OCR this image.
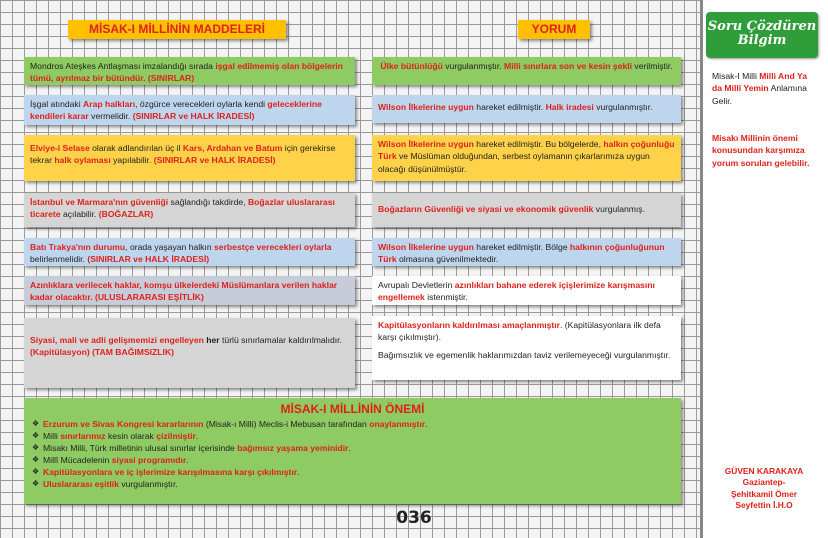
MİSAK-I MİLLİNİN MADDELERİ	YORUM
Mondros Ateşkes Antlaşması imzalandığı sırada işgal edilmemiş olan bölgelerin tümü, ayrılmaz bir bütündür. (SINIRLAR)
İşgal atındaki Arap halkları, özgürce verecekleri oylarla kendi geleceklerine kendileri karar vermelidir. (SINIRLAR ve HALK İRADESİ)
Elviye-i Selase olarak adlandırılan üç il Kars, Ardahan ve Batum için gerekirse tekrar halk oylaması yapılabilir. (SINIRLAR ve HALK İRADESİ)
İstanbul ve Marmara'nın güvenliği sağlandığı takdirde, Boğazlar uluslararası ticarete açılabilir. (BOĞAZLAR)
Batı Trakya'nın durumu, orada yaşayan halkın serbestçe verecekleri oylarla belirlenmelidir. (SINIRLAR ve HALK İRADESİ)
Azınlıklara verilecek haklar, komşu ülkelerdeki Müslümanlara verilen haklar kadar olacaktır. (ULUSLARARASI EŞİTLİK)
Siyasi, mali ve adli gelişmemizi engelleyen her türlü sınırlamalar kaldırılmalıdır. (Kapitülasyon) (TAM BAĞIMSIZLIK)
Ülke bütünlüğü vurgulanmıştır. Milli sınırlara son ve kesin şekli verilmiştir.
Wilson İlkelerine uygun hareket edilmiştir. Halk iradesi vurgulanmıştır.
Wilson İlkelerine uygun hareket edilmiştir. Bu bölgelerde, halkın çoğunluğu Türk ve Müslüman olduğundan, serbest oylamanın çıkarlarımıza uygun olacağı düşünülmüştür.
Boğazların Güvenliği ve siyasi ve ekonomik güvenlik vurgulanmış.
Wilson İlkelerine uygun hareket edilmiştir. Bölge halkının çoğunluğunun Türk olmasına güvenilmektedir.
Avrupalı Devletlerin azınlıkları bahane ederek içişlerimize karışmasını engellemek istenmiştir.
Kapitülasyonların kaldırılması amaçlanmıştır. (Kapitülasyonlara ilk defa karşı çıkılmıştır).
Bağımsızlık ve egemenlik haklarımızdan taviz verilemeyeceği vurgulanmıştır.
MİSAK-I MİLLİNİN ÖNEMİ
❖ Erzurum ve Sivas Kongresi kararlarının (Misak-ı Milli) Meclis-i Mebusan tarafından onaylanmıştır.
❖ Milli sınırlarımız kesin olarak çizilmiştir.
❖ Misakı Milli, Türk milletinin ulusal sınırlar içerisinde bağımsız yaşama yeminidir.
❖ Millî Mücadelenin siyasi programıdır.
❖ Kapitülasyonlara ve iç işlerimize karışılmasına karşı çıkılmıştır.
❖ Uluslararası eşitlik vurgulanmıştır.
036
Soru Çözdüren
Bilgim
Misak-I Milli Milli And Ya da Milli Yemin Anlamına Gelir.
Misakı Millinin önemi konusundan karşımıza yorum soruları gelebilir.
GÜVEN KARAKAYA
Gaziantep-
Şehitkamil Ömer
Seyfettin İ.H.O
